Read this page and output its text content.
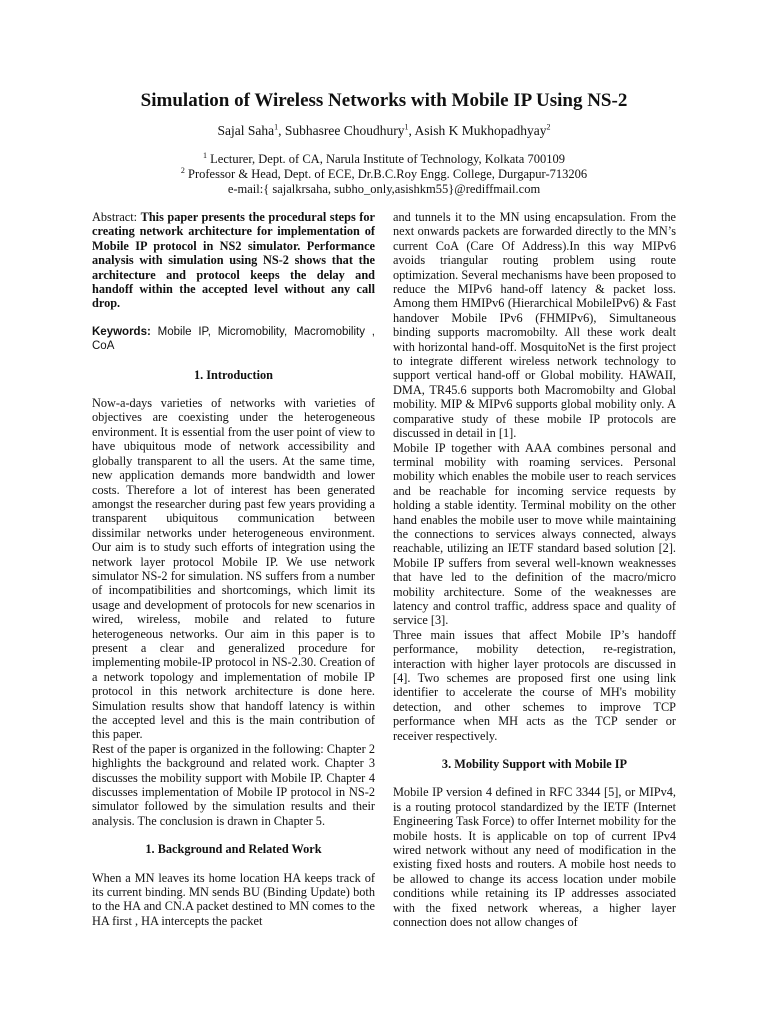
Simulation of Wireless Networks with Mobile IP Using NS-2

Sajal Saha$^1$, Subhasree Choudhury$^1$, Asish K Mukhopadhyay$^2$

$^1$ Lecturer, Dept. of CA, Narula Institute of Technology, Kolkata 700109

$^2$ Professor & Head, Dept. of ECE, Dr.B.C.Roy Engg. College, Durgapur-713206

e-mail:{ sajalkrsaha, subho_only,asishkm55}@rediffmail.com

Abstract: This paper presents the procedural steps for creating network architecture for implementation of Mobile IP protocol in NS2 simulator. Performance analysis with simulation using NS-2 shows that the architecture and protocol keeps the delay and handoff within the accepted level without any call drop.

Keywords: Mobile IP, Micromobility, Macromobility , CoA

1. Introduction

Now-a-days varieties of networks with varieties of objectives are coexisting under the heterogeneous environment. It is essential from the user point of view to have ubiquitous mode of network accessibility and globally transparent to all the users. At the same time, new application demands more bandwidth and lower costs. Therefore a lot of interest has been generated amongst the researcher during past few years providing a transparent ubiquitous communication between dissimilar networks under heterogeneous environment. Our aim is to study such efforts of integration using the network layer protocol Mobile IP. We use network simulator NS-2 for simulation. NS suffers from a number of incompatibilities and shortcomings, which limit its usage and development of protocols for new scenarios in wired, wireless, mobile and related to future heterogeneous networks. Our aim in this paper is to present a clear and generalized procedure for implementing mobile-IP protocol in NS-2.30. Creation of a network topology and implementation of mobile IP protocol in this network architecture is done here. Simulation results show that handoff latency is within the accepted level and this is the main contribution of this paper.

Rest of the paper is organized in the following: Chapter 2 highlights the background and related work. Chapter 3 discusses the mobility support with Mobile IP. Chapter 4 discusses implementation of Mobile IP protocol in NS-2 simulator followed by the simulation results and their analysis. The conclusion is drawn in Chapter 5.

1. Background and Related Work

When a MN leaves its home location HA keeps track of its current binding. MN sends BU (Binding Update) both to the HA and CN.A packet destined to MN comes to the HA first , HA intercepts the packet

and tunnels it to the MN using encapsulation. From the next onwards packets are forwarded directly to the MN’s current CoA (Care Of Address).In this way MIPv6 avoids triangular routing problem using route optimization. Several mechanisms have been proposed to reduce the MIPv6 hand-off latency & packet loss. Among them HMIPv6 (Hierarchical MobileIPv6) & Fast handover Mobile IPv6 (FHMIPv6), Simultaneous binding supports macromobilty. All these work dealt with horizontal hand-off. MosquitoNet is the first project to integrate different wireless network technology to support vertical hand-off or Global mobility. HAWAII, DMA, TR45.6 supports both Macromobilty and Global mobility. MIP & MIPv6 supports global mobility only. A comparative study of these mobile IP protocols are discussed in detail in [1].

Mobile IP together with AAA combines personal and terminal mobility with roaming services. Personal mobility which enables the mobile user to reach services and be reachable for incoming service requests by holding a stable identity. Terminal mobility on the other hand enables the mobile user to move while maintaining the connections to services always connected, always reachable, utilizing an IETF standard based solution [2]. Mobile IP suffers from several well-known weaknesses that have led to the definition of the macro/micro mobility architecture. Some of the weaknesses are latency and control traffic, address space and quality of service [3].

Three main issues that affect Mobile IP’s handoff performance, mobility detection, re-registration, interaction with higher layer protocols are discussed in [4]. Two schemes are proposed first one using link identifier to accelerate the course of MH's mobility detection, and other schemes to improve TCP performance when MH acts as the TCP sender or receiver respectively.

3. Mobility Support with Mobile IP

Mobile IP version 4 defined in RFC 3344 [5], or MIPv4, is a routing protocol standardized by the IETF (Internet Engineering Task Force) to offer Internet mobility for the mobile hosts. It is applicable on top of current IPv4 wired network without any need of modification in the existing fixed hosts and routers. A mobile host needs to be allowed to change its access location under mobile conditions while retaining its IP addresses associated with the fixed network whereas, a higher layer connection does not allow changes of
